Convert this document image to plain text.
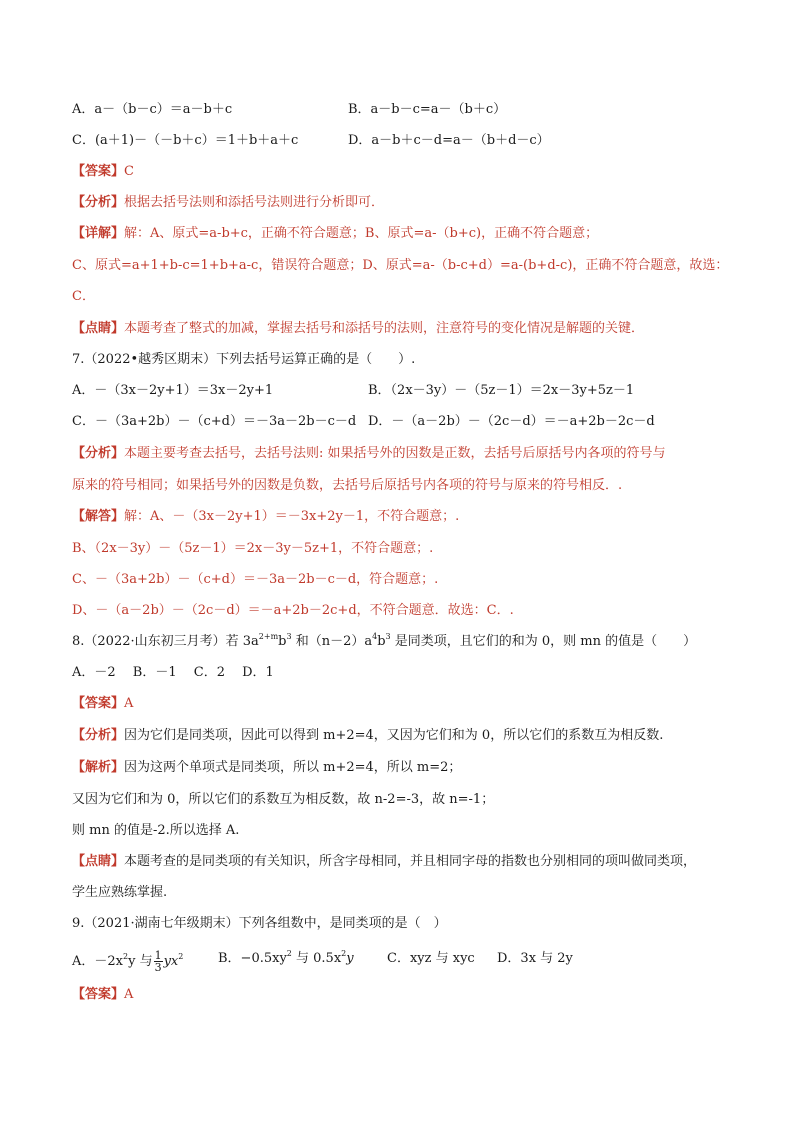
A．a－（b－c）＝a－b＋c	B．a－b－c=a－（b＋c）
C．(a＋1)－（－b＋c）＝1＋b＋a＋c	D．a－b＋c－d=a－（b＋d－c）
【答案】C
【分析】根据去括号法则和添括号法则进行分析即可．
【详解】解：A、原式=a-b+c，正确不符合题意；B、原式=a-（b+c)，正确不符合题意；
C、原式=a+1+b-c=1+b+a-c，错误符合题意；D、原式=a-（b-c+d）=a-(b+d-c)，正确不符合题意，故选：
C．
【点睛】本题考查了整式的加减，掌握去括号和添括号的法则，注意符号的变化情况是解题的关键．
7.（2022•越秀区期末）下列去括号运算正确的是（　　）.
A．－（3x－2y+1）＝3x－2y+1	B．（2x－3y）－（5z－1）＝2x－3y+5z－1
C．－（3a+2b）－（c+d）＝－3a－2b－c－d D．－（a－2b）－（2c－d）＝－a+2b－2c－d
【分析】本题主要考查去括号，去括号法则: 如果括号外的因数是正数，去括号后原括号内各项的符号与
原来的符号相同；如果括号外的因数是负数，去括号后原括号内各项的符号与原来的符号相反．.
【解答】解：A、－（3x－2y+1）＝－3x+2y－1，不符合题意；.
B、（2x－3y）－（5z－1）＝2x－3y－5z+1，不符合题意；.
C、－（3a+2b）－（c+d）＝－3a－2b－c－d，符合题意；.
D、－（a－2b）－（2c－d）＝－a+2b－2c+d，不符合题意．故选：C．.
8.（2022·山东初三月考）若 $3a^{2+m}b^3$ 和$(n-2)a^4b^3$ 是同类项，且它们的和为 0，则 mn 的值是（　　）
A．－2　 B．－1　 C．2　 D．1
【答案】A
【分析】因为它们是同类项，因此可以得到 m+2=4，又因为它们和为 0，所以它们的系数互为相反数.
【解析】因为这两个单项式是同类项，所以 m+2=4，所以 m=2；
又因为它们和为 0，所以它们的系数互为相反数，故 n-2=-3，故 n=-1；
则 mn 的值是-2.所以选择 A.
【点睛】本题考查的是同类项的有关知识，所含字母相同，并且相同字母的指数也分别相同的项叫做同类项，
学生应熟练掌握.
9.（2021·湖南七年级期末）下列各组数中，是同类项的是（　）
A．$-2x^2y$ 与 $\frac{1}{3} yx^2$	B．$-0.5xy^2$ 与 $0.5x^2y$	C．xyz 与 xyc D．3x 与 2y
【答案】A
